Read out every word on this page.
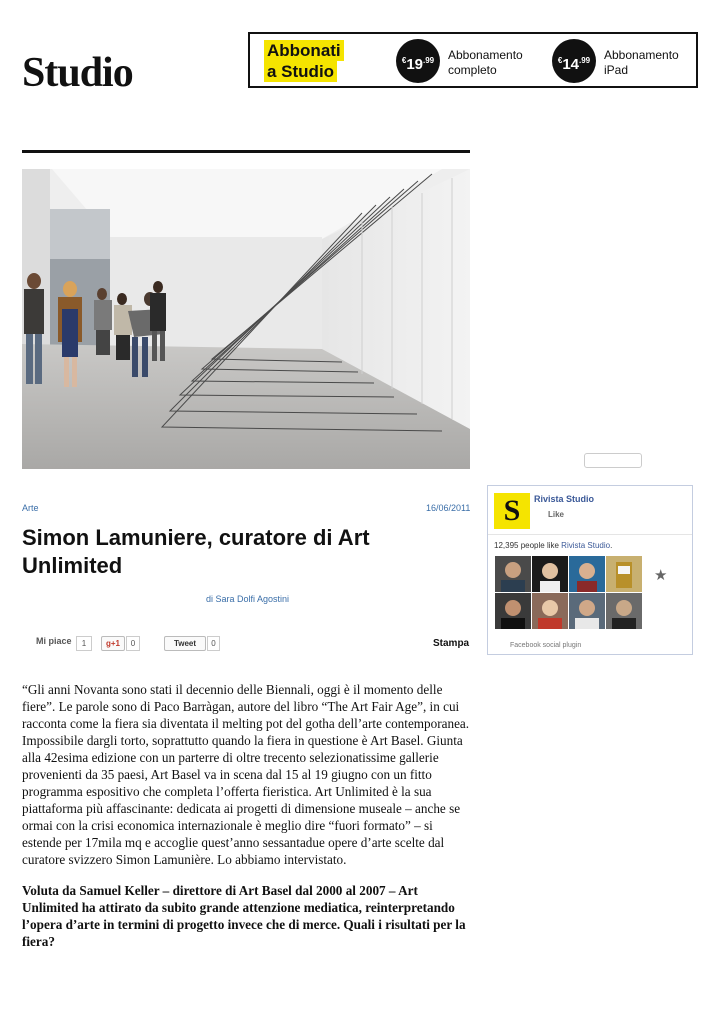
Studio	Abbonati
a Studio
$^€19^{.99}$	Abbonamento
completo
$^€14^{.99}$	Abbonamento
iPad
Arte	16/06/2011
Simon Lamuniere, curatore di Art Unlimited
di Sara Dolfi Agostini
Mi piace	1	g+1	0	Tweet	0	Stampa

“Gli anni Novanta sono stati il decennio delle Biennali, oggi è il momento delle fiere”. Le parole sono di Paco Barràgan, autore del libro “The Art Fair Age”, in cui racconta come la fiera sia diventata il melting pot del gotha dell’arte contemporanea. Impossibile dargli torto, soprattutto quando la fiera in questione è Art Basel. Giunta alla 42esima edizione con un parterre di oltre trecento selezionatissime gallerie provenienti da 35 paesi, Art Basel va in scena dal 15 al 19 giugno con un fitto programma espositivo che completa l’offerta fieristica. Art Unlimited è la sua piattaforma più affascinante: dedicata ai progetti di dimensione museale – anche se ormai con la crisi economica internazionale è meglio dire “fuori formato” – si estende per 17mila mq e accoglie quest’anno sessantadue opere d’arte scelte dal curatore svizzero Simon Lamunière. Lo abbiamo intervistato.

Voluta da Samuel Keller – direttore di Art Basel dal 2000 al 2007 – Art Unlimited ha attirato da subito grande attenzione mediatica, reinterpretando l’opera d’arte in termini di progetto invece che di merce. Quali i risultati per la fiera?
S	Rivista Studio
Like
12,395 people like Rivista Studio.
★
Facebook social plugin
